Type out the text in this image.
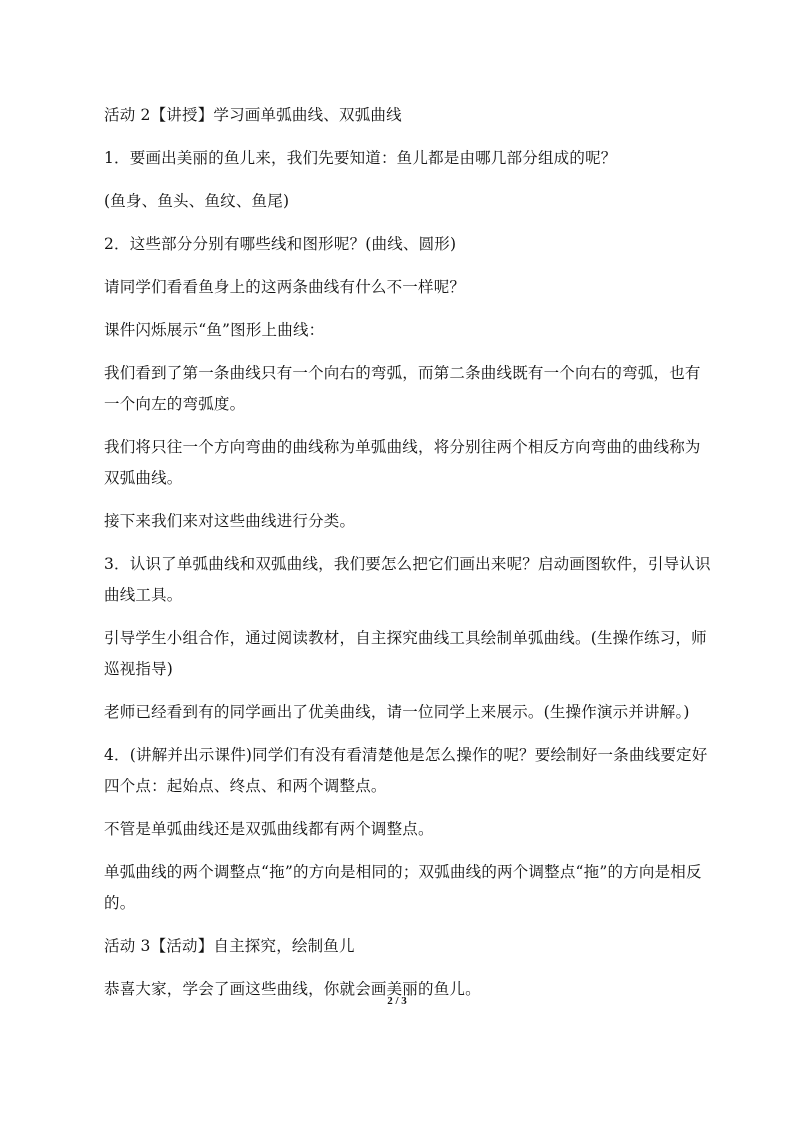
活动 2【讲授】学习画单弧曲线、双弧曲线

1．要画出美丽的鱼儿来，我们先要知道：鱼儿都是由哪几部分组成的呢？

(鱼身、鱼头、鱼纹、鱼尾)

2．这些部分分别有哪些线和图形呢？(曲线、圆形)

请同学们看看鱼身上的这两条曲线有什么不一样呢？

课件闪烁展示“鱼”图形上曲线：

我们看到了第一条曲线只有一个向右的弯弧，而第二条曲线既有一个向右的弯弧，也有一个向左的弯弧度。

我们将只往一个方向弯曲的曲线称为单弧曲线，将分别往两个相反方向弯曲的曲线称为双弧曲线。

接下来我们来对这些曲线进行分类。

3．认识了单弧曲线和双弧曲线，我们要怎么把它们画出来呢？启动画图软件，引导认识曲线工具。

引导学生小组合作，通过阅读教材，自主探究曲线工具绘制单弧曲线。(生操作练习，师巡视指导)

老师已经看到有的同学画出了优美曲线，请一位同学上来展示。(生操作演示并讲解。)

4．(讲解并出示课件)同学们有没有看清楚他是怎么操作的呢？要绘制好一条曲线要定好四个点：起始点、终点、和两个调整点。

不管是单弧曲线还是双弧曲线都有两个调整点。

单弧曲线的两个调整点“拖”的方向是相同的；双弧曲线的两个调整点“拖”的方向是相反的。

活动 3【活动】自主探究，绘制鱼儿

恭喜大家，学会了画这些曲线，你就会画美丽的鱼儿。

2 / 3
